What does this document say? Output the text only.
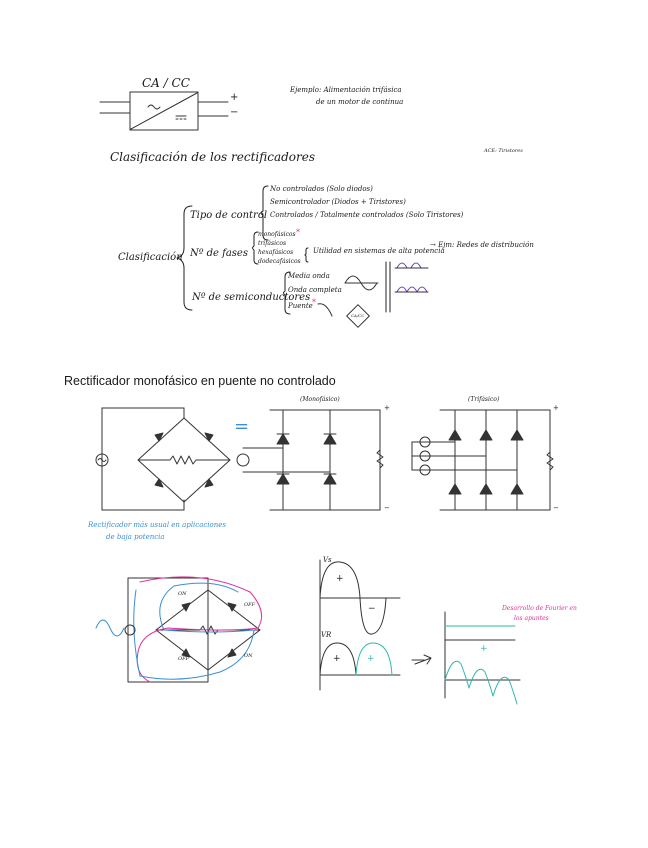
CA / CC
+
−
Ejemplo: Alimentación trifásica
de un motor de continua
ACE: Tiristores
Clasificación de los rectificadores
Clasificación
Tipo de control
No controlados (Solo diodos)
Semicontrolador (Diodos + Tiristores)
Controlados / Totalmente controlados (Solo Tiristores)
Nº de fases
monofásicos *
trifásicos
hexafásicos
dodecafásicos
Utilidad en sistemas de alta potencia
→ Ejm: Redes de distribución
Nº de semiconductores
Media onda
Onda completa
Puente *
CA/CC
Rectificador monofásico en puente no controlado
=
(Monofásico)	(Trifásico)
+
−
+
−
Rectificador más usual en aplicaciones
de baja potencia
ON
OFF
OFF	ON
Vs
+
−
VR
+	+
+
Desarrollo de Fourier en
los apuntes
